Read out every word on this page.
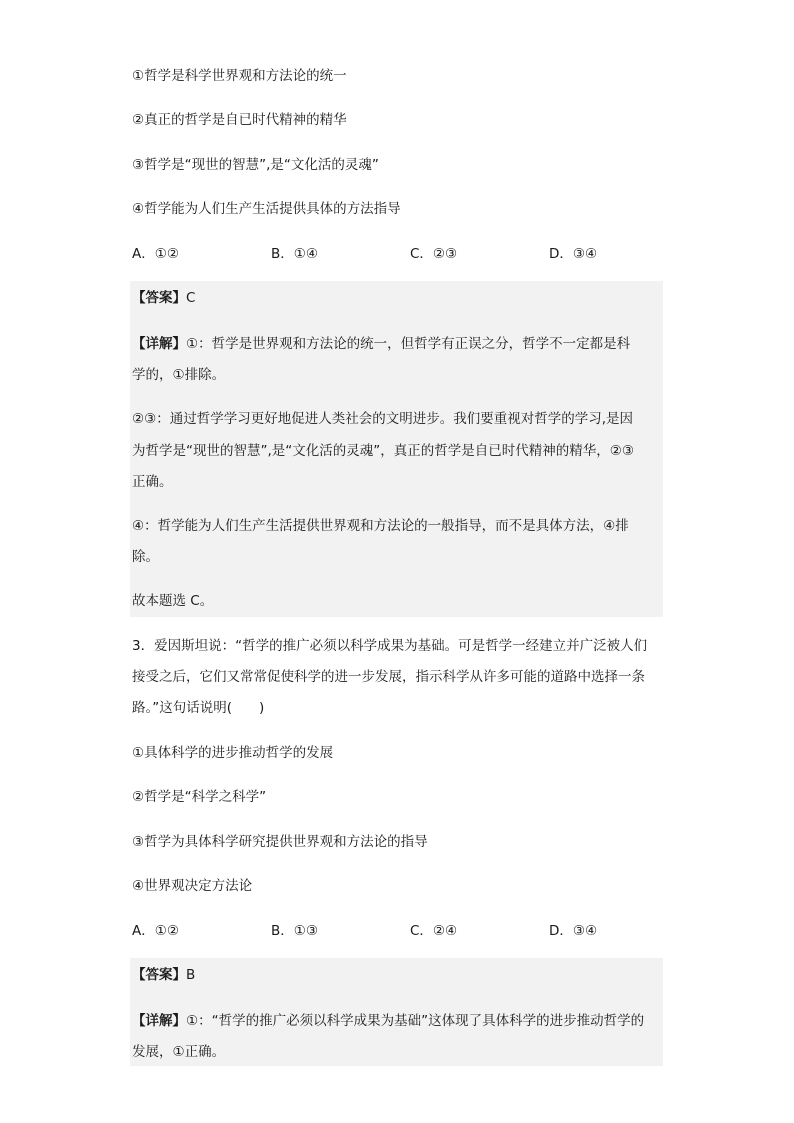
①哲学是科学世界观和方法论的统一
②真正的哲学是自已时代精神的精华
③哲学是“现世的智慧”,是“文化活的灵魂”
④哲学能为人们生产生活提供具体的方法指导
A．①②	B．①④	C．②③	D．③④
【答案】C
【详解】①：哲学是世界观和方法论的统一，但哲学有正误之分，哲学不一定都是科
学的，①排除。
②③：通过哲学学习更好地促进人类社会的文明进步。我们要重视对哲学的学习,是因
为哲学是“现世的智慧”,是“文化活的灵魂”，真正的哲学是自已时代精神的精华，②③
正确。
④：哲学能为人们生产生活提供世界观和方法论的一般指导，而不是具体方法，④排
除。
故本题选 C。
3．爱因斯坦说：“哲学的推广必须以科学成果为基础。可是哲学一经建立并广泛被人们
接受之后，它们又常常促使科学的进一步发展，指示科学从许多可能的道路中选择一条
路。”这句话说明(　　)
①具体科学的进步推动哲学的发展
②哲学是“科学之科学”
③哲学为具体科学研究提供世界观和方法论的指导
④世界观决定方法论
A．①②	B．①③	C．②④	D．③④
【答案】B
【详解】①：“哲学的推广必须以科学成果为基础”这体现了具体科学的进步推动哲学的
发展，①正确。
